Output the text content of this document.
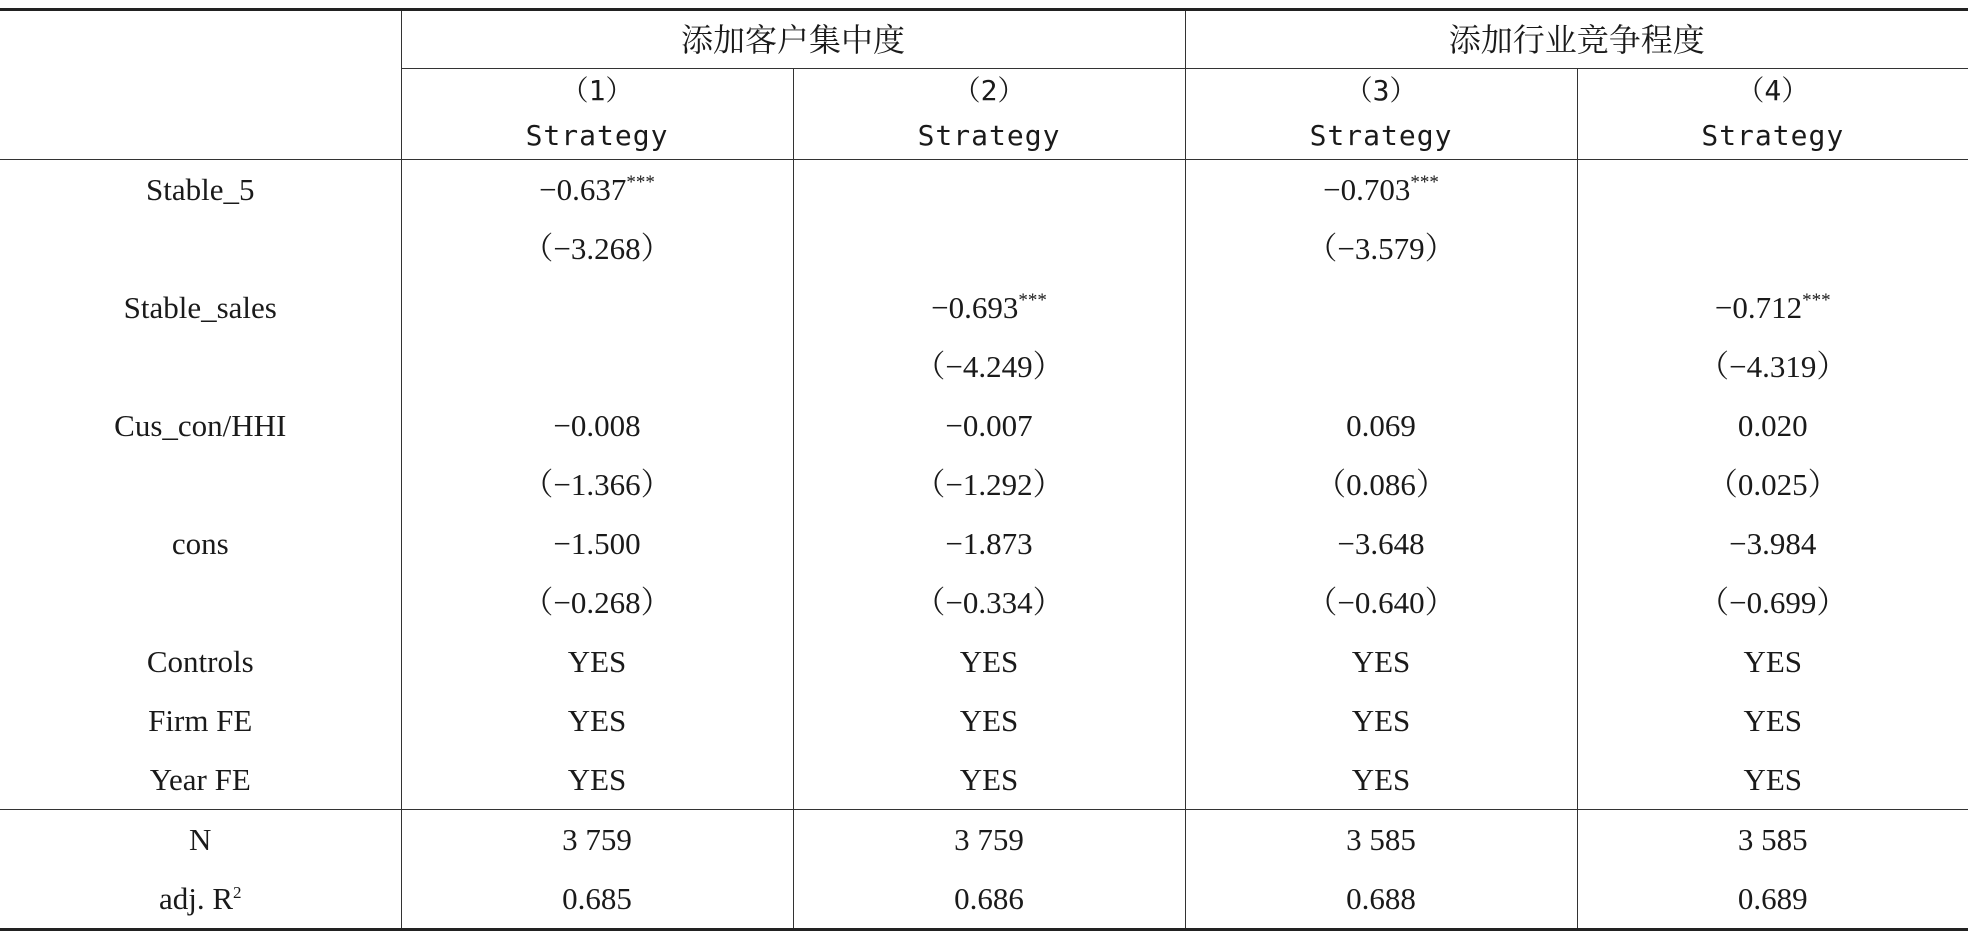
	添加客户集中度		添加行业竞争程度	
	（1）	（2）	（3）	（4）
	Strategy	Strategy	Strategy	Strategy
Stable_5	−0.637***		−0.703***	
	（−3.268）		（−3.579）	
Stable_sales		−0.693***		−0.712***
		（−4.249）		（−4.319）
Cus_con/HHI	−0.008	−0.007	0.069	0.020
	（−1.366）	（−1.292）	（0.086）	（0.025）
cons	−1.500	−1.873	−3.648	−3.984
	（−0.268）	（−0.334）	（−0.640）	（−0.699）
Controls	YES	YES	YES	YES
Firm FE	YES	YES	YES	YES
Year FE	YES	YES	YES	YES
N	3 759	3 759	3 585	3 585
adj. $R^2$	0.685	0.686	0.688	0.689
